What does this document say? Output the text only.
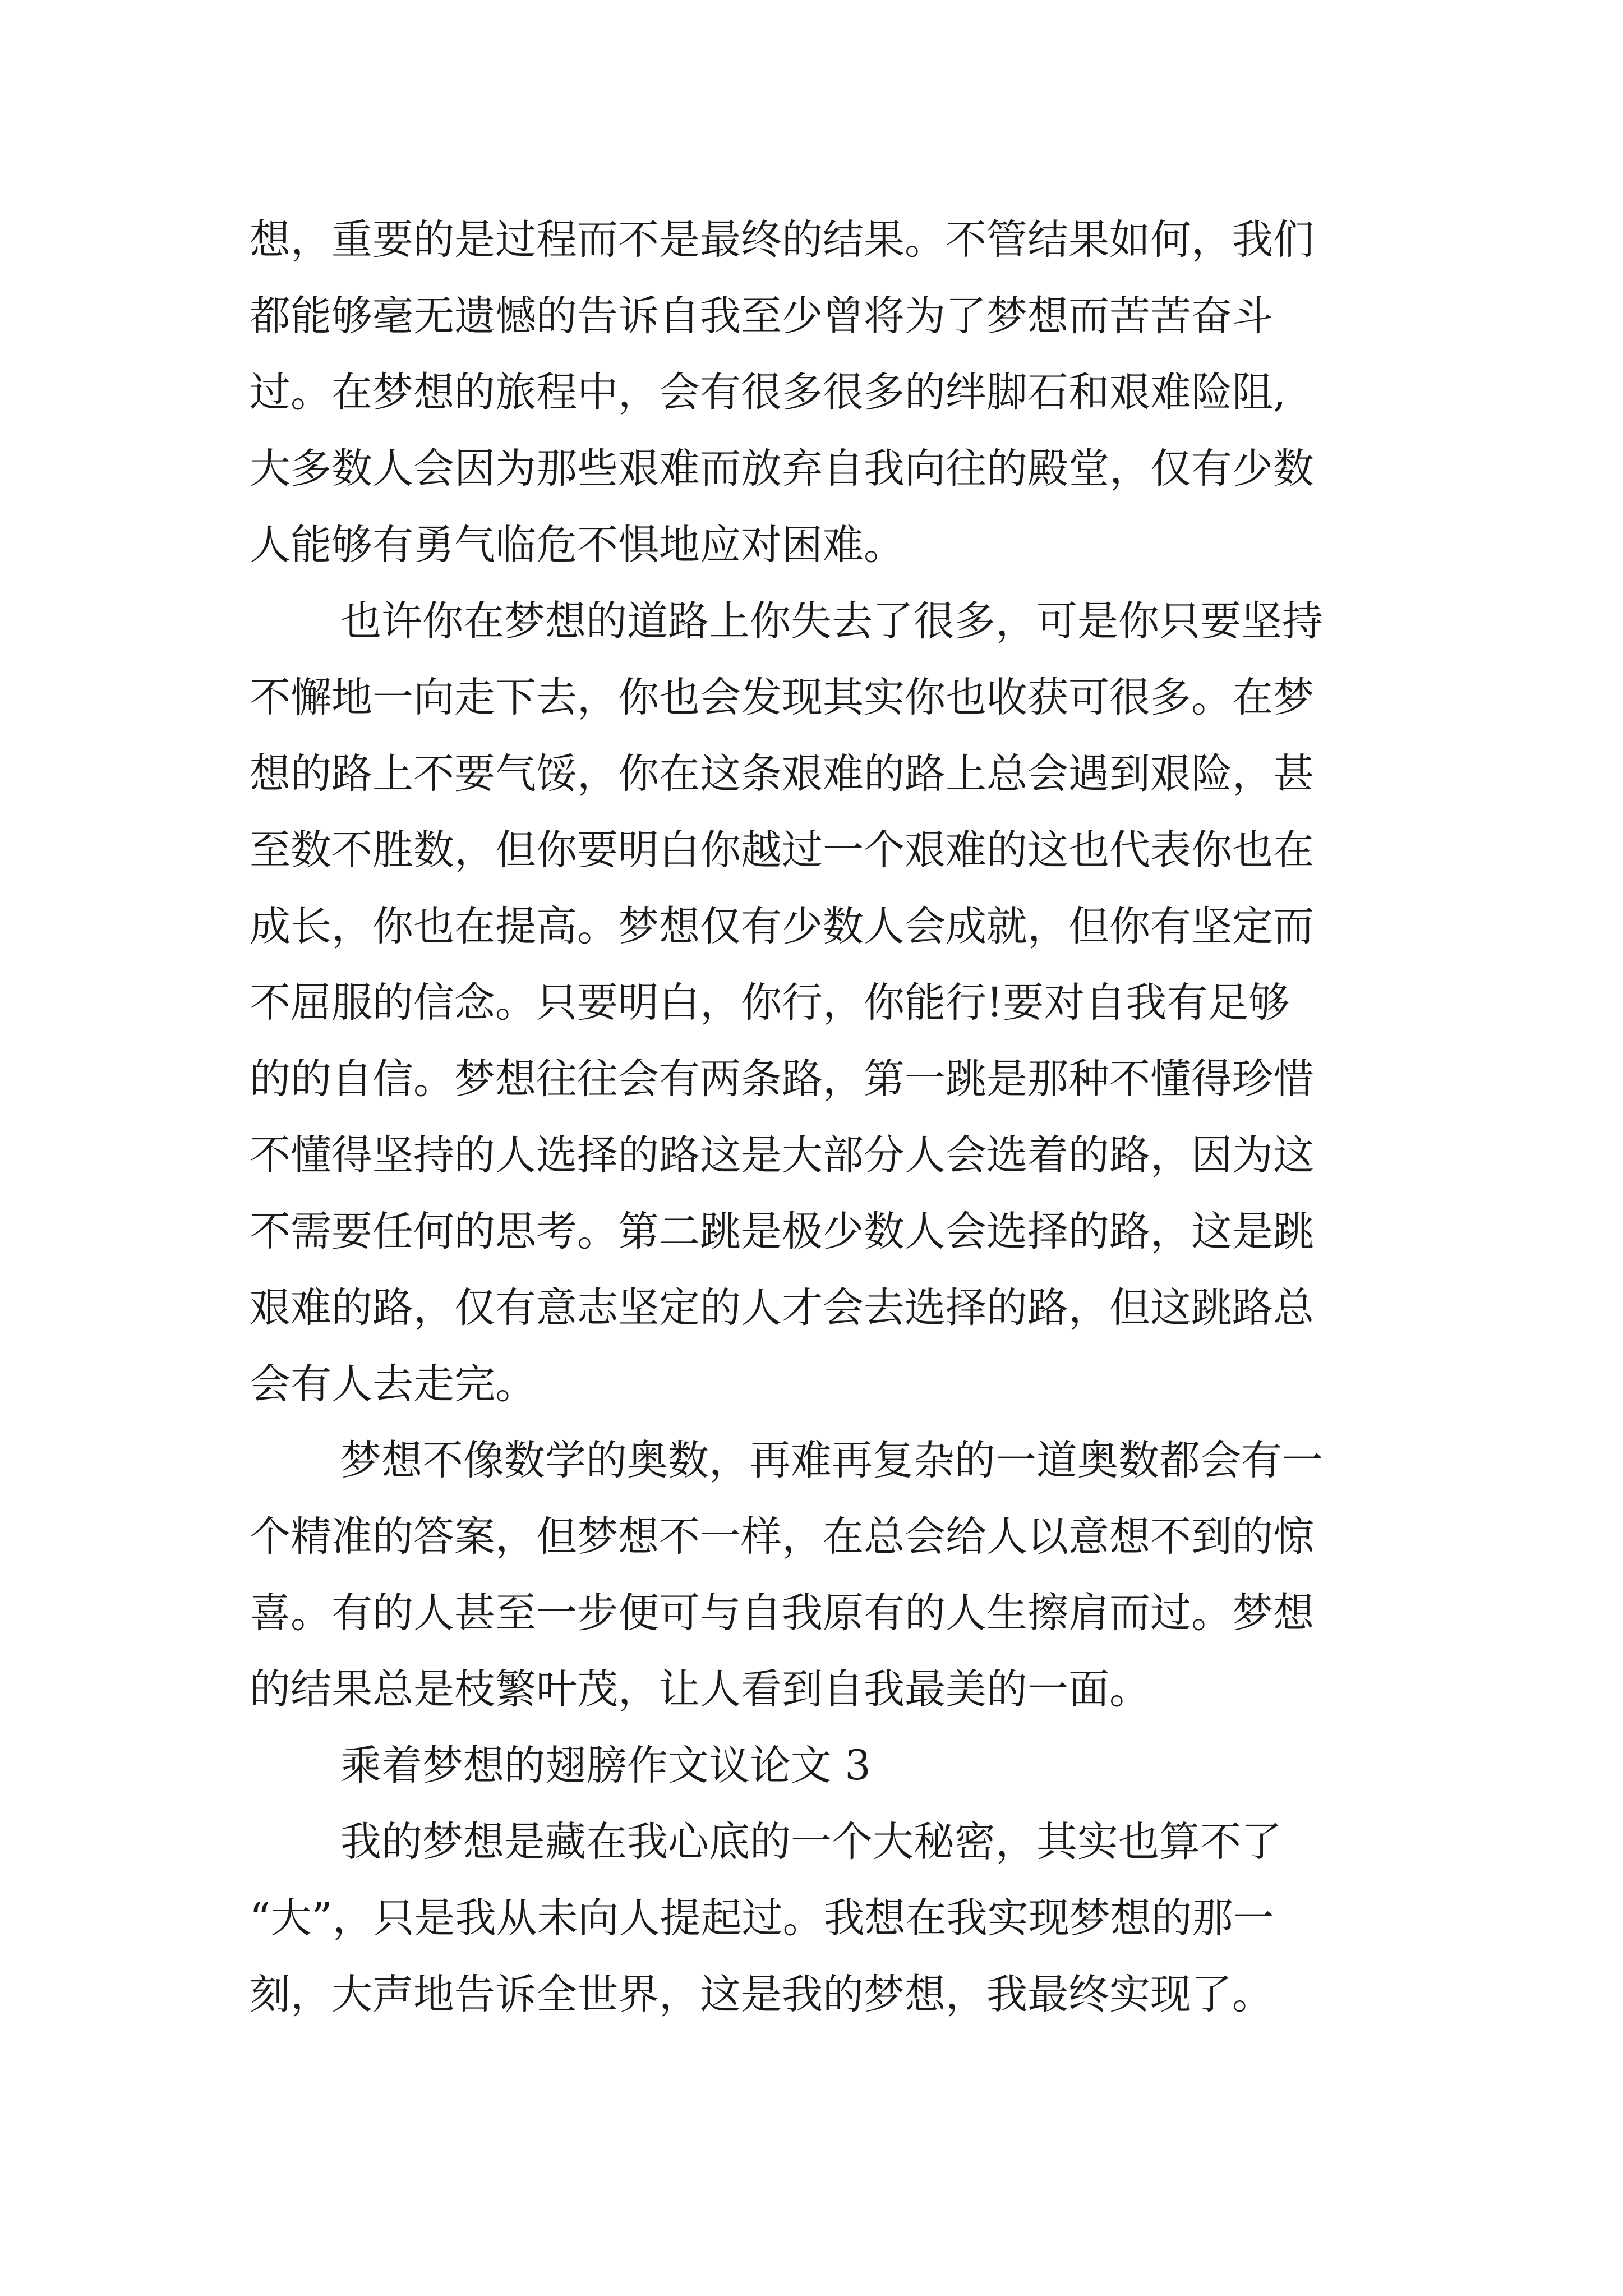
想，重要的是过程而不是最终的结果。不管结果如何，我们
都能够毫无遗憾的告诉自我至少曾将为了梦想而苦苦奋斗
过。在梦想的旅程中，会有很多很多的绊脚石和艰难险阻,
大多数人会因为那些艰难而放弃自我向往的殿堂，仅有少数
人能够有勇气临危不惧地应对困难。
也许你在梦想的道路上你失去了很多，可是你只要坚持
不懈地一向走下去，你也会发现其实你也收获可很多。在梦
想的路上不要气馁，你在这条艰难的路上总会遇到艰险，甚
至数不胜数，但你要明白你越过一个艰难的这也代表你也在
成长，你也在提高。梦想仅有少数人会成就，但你有坚定而
不屈服的信念。只要明白，你行，你能行!要对自我有足够
的的自信。梦想往往会有两条路，第一跳是那种不懂得珍惜
不懂得坚持的人选择的路这是大部分人会选着的路，因为这
不需要任何的思考。第二跳是极少数人会选择的路，这是跳
艰难的路，仅有意志坚定的人才会去选择的路，但这跳路总
会有人去走完。
梦想不像数学的奥数，再难再复杂的一道奥数都会有一
个精准的答案，但梦想不一样，在总会给人以意想不到的惊
喜。有的人甚至一步便可与自我原有的人生擦肩而过。梦想
的结果总是枝繁叶茂，让人看到自我最美的一面。
乘着梦想的翅膀作文议论文 3
我的梦想是藏在我心底的一个大秘密，其实也算不了
“大”，只是我从未向人提起过。我想在我实现梦想的那一
刻，大声地告诉全世界，这是我的梦想，我最终实现了。
